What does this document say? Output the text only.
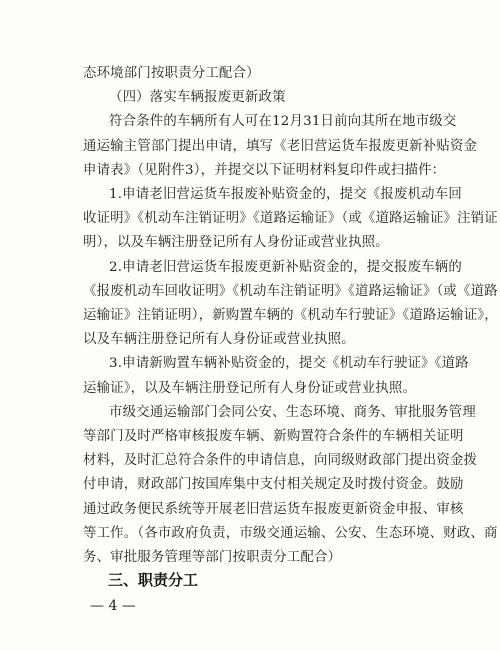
态环境部门按职责分工配合）
（四）落实车辆报废更新政策
符合条件的车辆所有人可在12月31日前向其所在地市级交
通运输主管部门提出申请，填写《老旧营运货车报废更新补贴资金
申请表》（见附件3），并提交以下证明材料复印件或扫描件：
1.申请老旧营运货车报废补贴资金的，提交《报废机动车回
收证明》《机动车注销证明》《道路运输证》（或《道路运输证》注销证
明），以及车辆注册登记所有人身份证或营业执照。
2.申请老旧营运货车报废更新补贴资金的，提交报废车辆的
《报废机动车回收证明》《机动车注销证明》《道路运输证》（或《道路
运输证》注销证明），新购置车辆的《机动车行驶证》《道路运输证》，
以及车辆注册登记所有人身份证或营业执照。
3.申请新购置车辆补贴资金的，提交《机动车行驶证》《道路
运输证》，以及车辆注册登记所有人身份证或营业执照。
市级交通运输部门会同公安、生态环境、商务、审批服务管理
等部门及时严格审核报废车辆、新购置符合条件的车辆相关证明
材料，及时汇总符合条件的申请信息，向同级财政部门提出资金拨
付申请，财政部门按国库集中支付相关规定及时拨付资金。鼓励
通过政务便民系统等开展老旧营运货车报废更新资金申报、审核
等工作。（各市政府负责，市级交通运输、公安、生态环境、财政、商
务、审批服务管理等部门按职责分工配合）
三、职责分工
— 4 —
